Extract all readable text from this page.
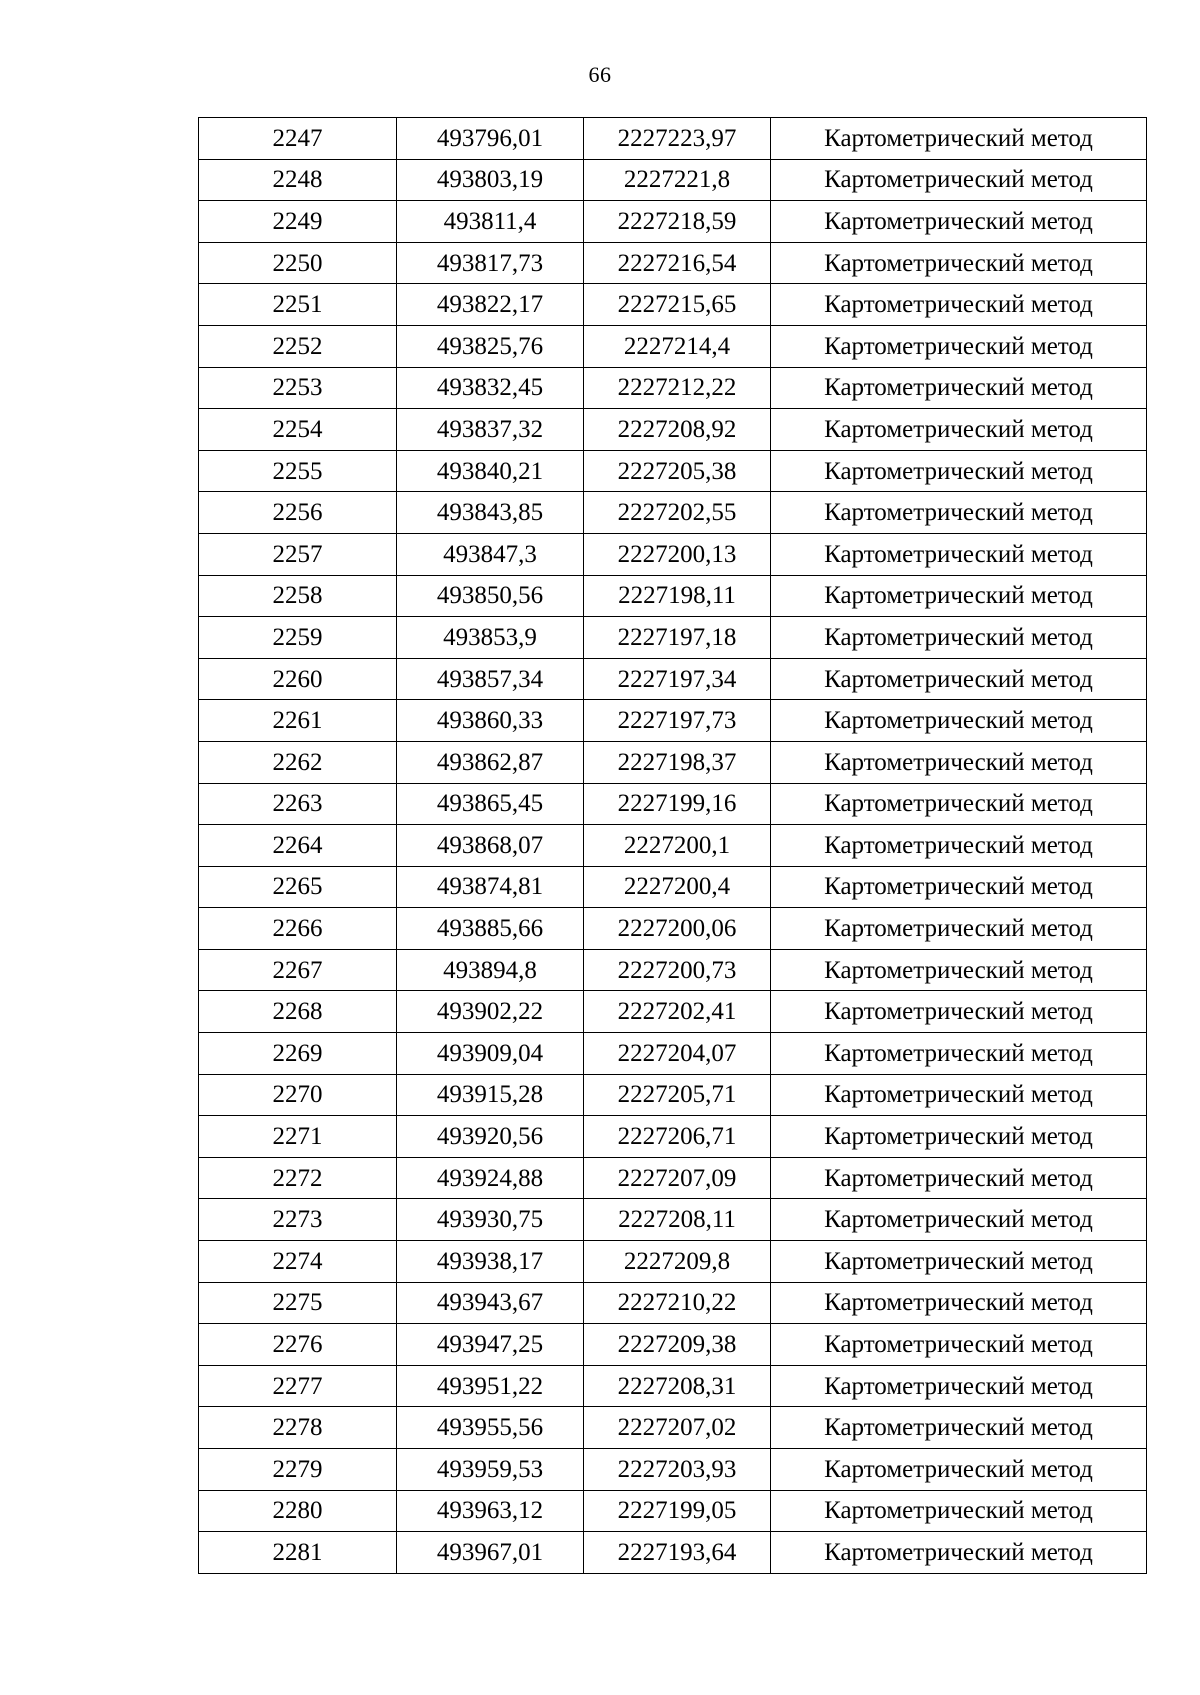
66
2247	493796,01	2227223,97	Картометрический метод
2248	493803,19	2227221,8	Картометрический метод
2249	493811,4	2227218,59	Картометрический метод
2250	493817,73	2227216,54	Картометрический метод
2251	493822,17	2227215,65	Картометрический метод
2252	493825,76	2227214,4	Картометрический метод
2253	493832,45	2227212,22	Картометрический метод
2254	493837,32	2227208,92	Картометрический метод
2255	493840,21	2227205,38	Картометрический метод
2256	493843,85	2227202,55	Картометрический метод
2257	493847,3	2227200,13	Картометрический метод
2258	493850,56	2227198,11	Картометрический метод
2259	493853,9	2227197,18	Картометрический метод
2260	493857,34	2227197,34	Картометрический метод
2261	493860,33	2227197,73	Картометрический метод
2262	493862,87	2227198,37	Картометрический метод
2263	493865,45	2227199,16	Картометрический метод
2264	493868,07	2227200,1	Картометрический метод
2265	493874,81	2227200,4	Картометрический метод
2266	493885,66	2227200,06	Картометрический метод
2267	493894,8	2227200,73	Картометрический метод
2268	493902,22	2227202,41	Картометрический метод
2269	493909,04	2227204,07	Картометрический метод
2270	493915,28	2227205,71	Картометрический метод
2271	493920,56	2227206,71	Картометрический метод
2272	493924,88	2227207,09	Картометрический метод
2273	493930,75	2227208,11	Картометрический метод
2274	493938,17	2227209,8	Картометрический метод
2275	493943,67	2227210,22	Картометрический метод
2276	493947,25	2227209,38	Картометрический метод
2277	493951,22	2227208,31	Картометрический метод
2278	493955,56	2227207,02	Картометрический метод
2279	493959,53	2227203,93	Картометрический метод
2280	493963,12	2227199,05	Картометрический метод
2281	493967,01	2227193,64	Картометрический метод
